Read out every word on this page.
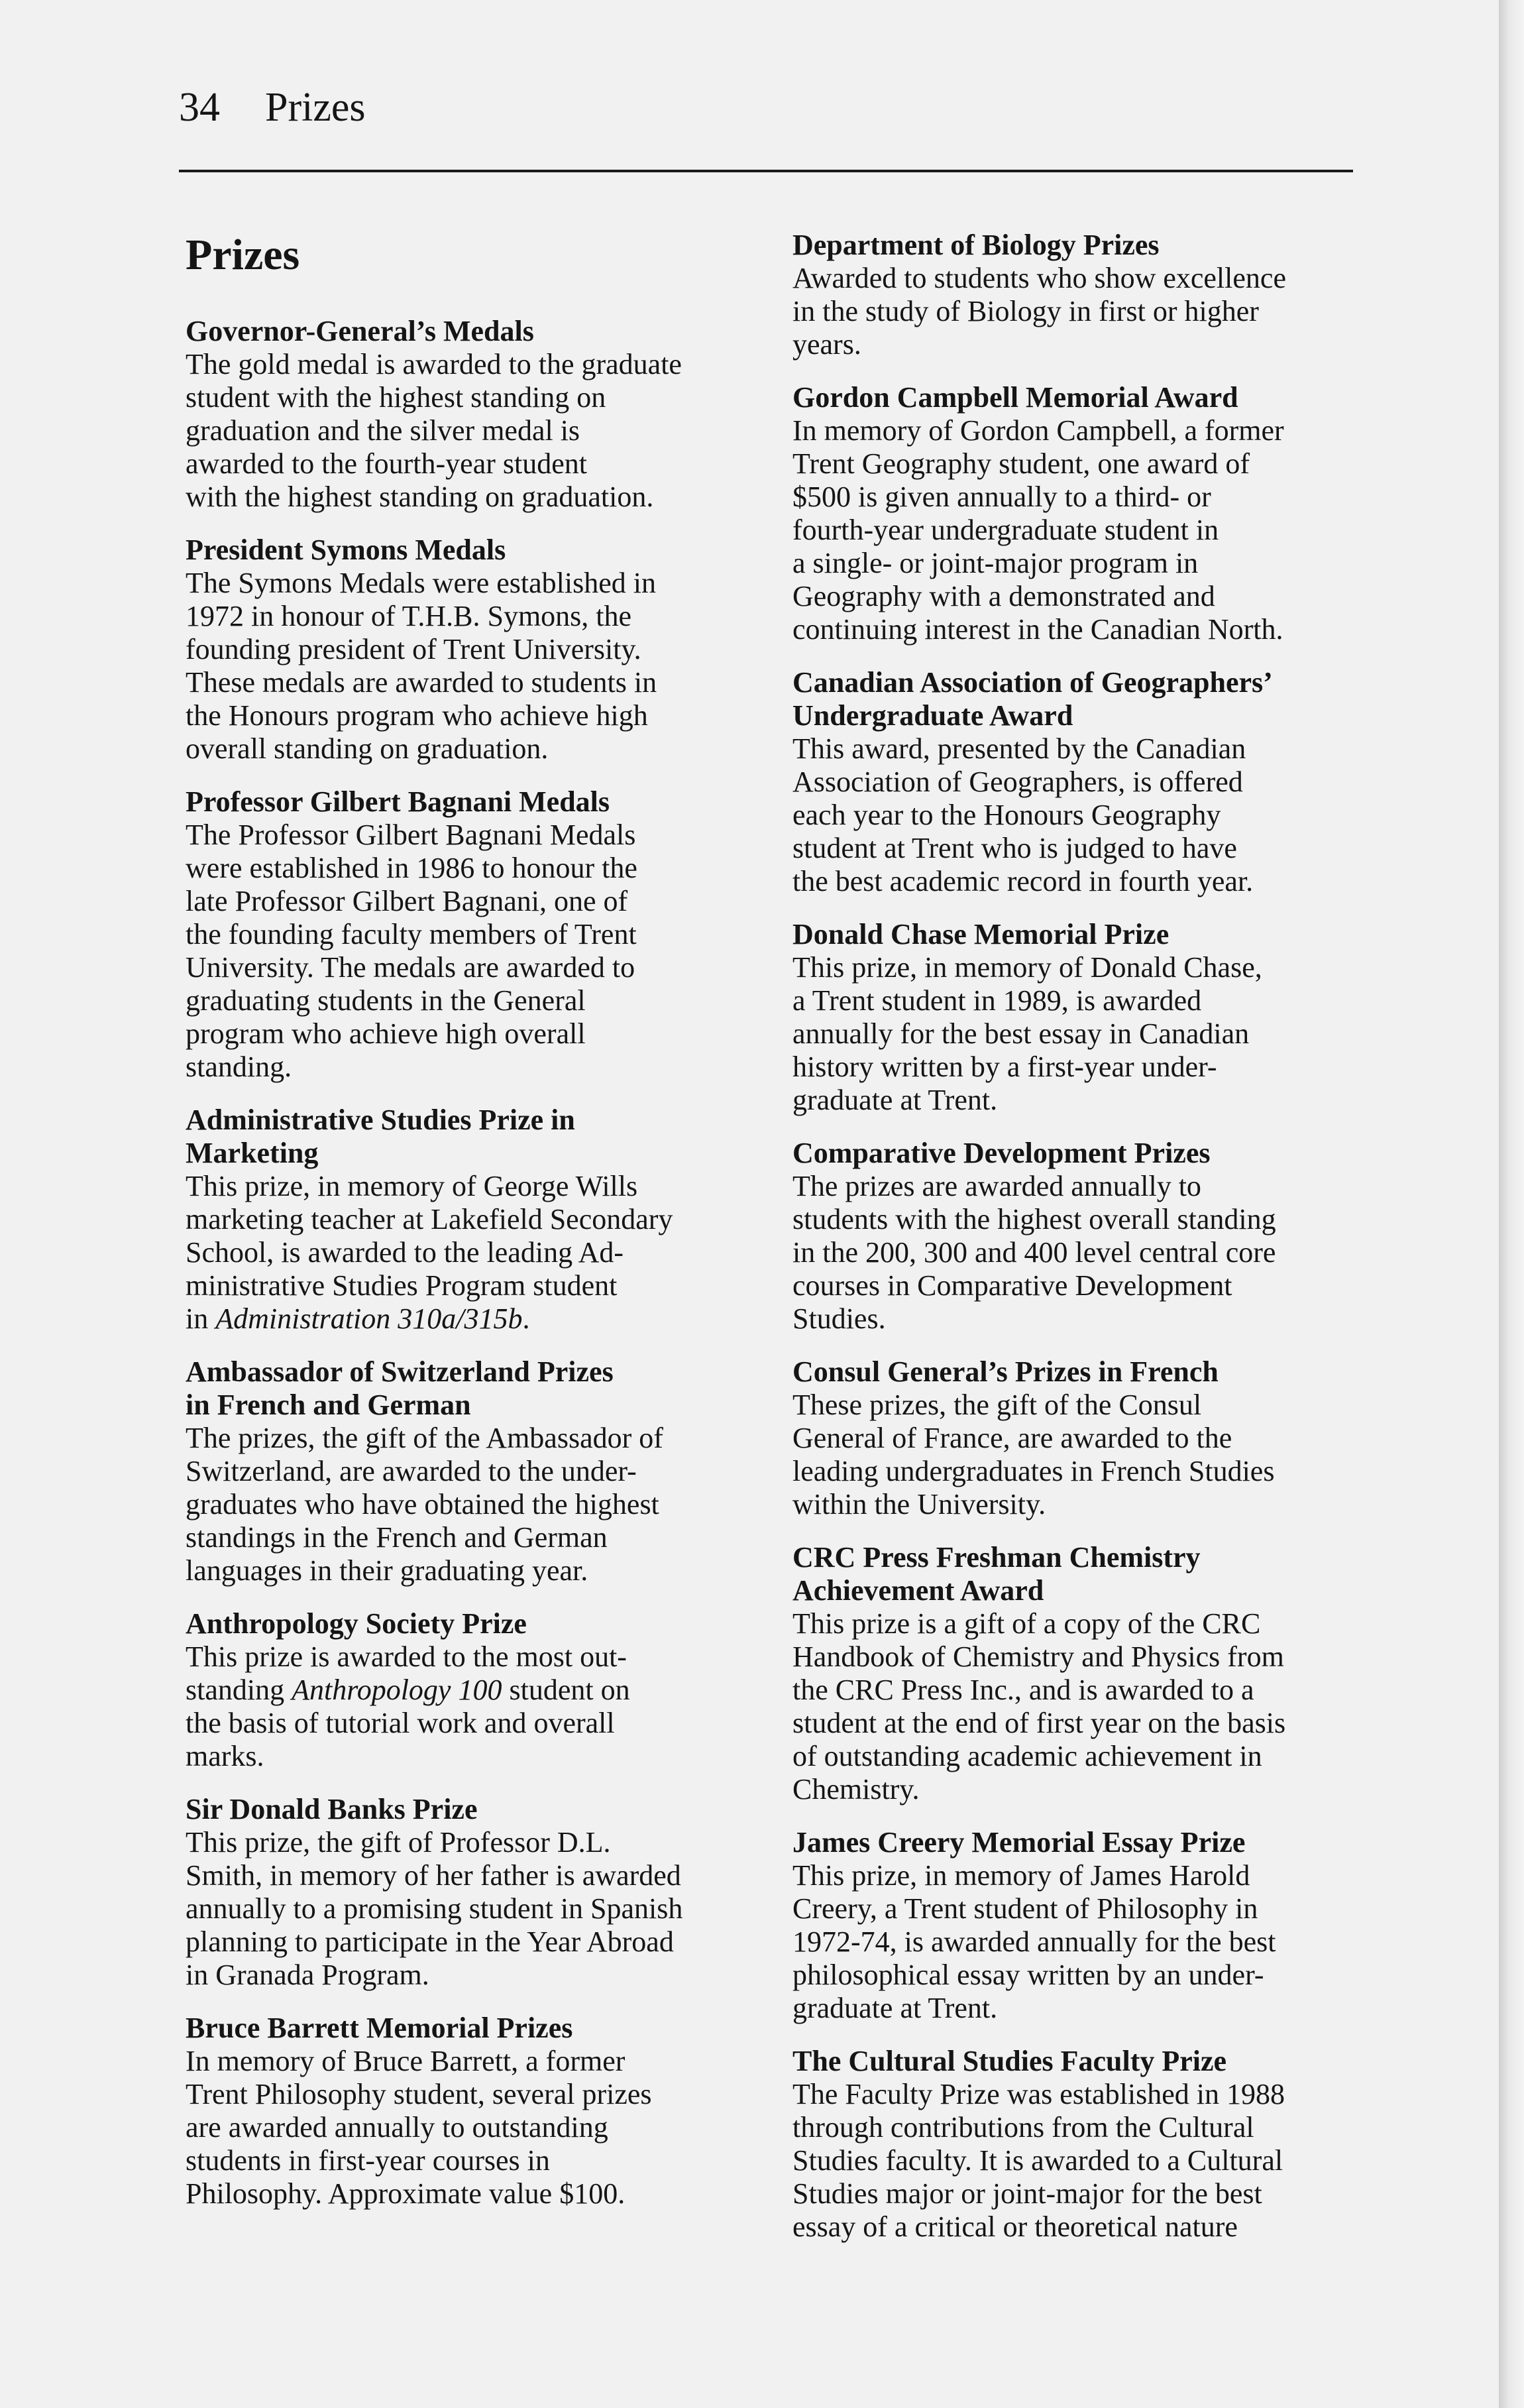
34 Prizes
Prizes
Governor-General’s Medals
The gold medal is awarded to the graduate
student with the highest standing on
graduation and the silver medal is
awarded to the fourth-year student
with the highest standing on graduation.
President Symons Medals
The Symons Medals were established in
1972 in honour of T.H.B. Symons, the
founding president of Trent University.
These medals are awarded to students in
the Honours program who achieve high
overall standing on graduation.
Professor Gilbert Bagnani Medals
The Professor Gilbert Bagnani Medals
were established in 1986 to honour the
late Professor Gilbert Bagnani, one of
the founding faculty members of Trent
University. The medals are awarded to
graduating students in the General
program who achieve high overall
standing.
Administrative Studies Prize in
Marketing
This prize, in memory of George Wills
marketing teacher at Lakefield Secondary
School, is awarded to the leading Ad-
ministrative Studies Program student
in Administration 310a/315b.
Ambassador of Switzerland Prizes
in French and German
The prizes, the gift of the Ambassador of
Switzerland, are awarded to the under-
graduates who have obtained the highest
standings in the French and German
languages in their graduating year.
Anthropology Society Prize
This prize is awarded to the most out-
standing Anthropology 100 student on
the basis of tutorial work and overall
marks.
Sir Donald Banks Prize
This prize, the gift of Professor D.L.
Smith, in memory of her father is awarded
annually to a promising student in Spanish
planning to participate in the Year Abroad
in Granada Program.
Bruce Barrett Memorial Prizes
In memory of Bruce Barrett, a former
Trent Philosophy student, several prizes
are awarded annually to outstanding
students in first-year courses in
Philosophy. Approximate value $100.
Department of Biology Prizes
Awarded to students who show excellence
in the study of Biology in first or higher
years.
Gordon Campbell Memorial Award
In memory of Gordon Campbell, a former
Trent Geography student, one award of
$500 is given annually to a third- or
fourth-year undergraduate student in
a single- or joint-major program in
Geography with a demonstrated and
continuing interest in the Canadian North.
Canadian Association of Geographers’
Undergraduate Award
This award, presented by the Canadian
Association of Geographers, is offered
each year to the Honours Geography
student at Trent who is judged to have
the best academic record in fourth year.
Donald Chase Memorial Prize
This prize, in memory of Donald Chase,
a Trent student in 1989, is awarded
annually for the best essay in Canadian
history written by a first-year under-
graduate at Trent.
Comparative Development Prizes
The prizes are awarded annually to
students with the highest overall standing
in the 200, 300 and 400 level central core
courses in Comparative Development
Studies.
Consul General’s Prizes in French
These prizes, the gift of the Consul
General of France, are awarded to the
leading undergraduates in French Studies
within the University.
CRC Press Freshman Chemistry
Achievement Award
This prize is a gift of a copy of the CRC
Handbook of Chemistry and Physics from
the CRC Press Inc., and is awarded to a
student at the end of first year on the basis
of outstanding academic achievement in
Chemistry.
James Creery Memorial Essay Prize
This prize, in memory of James Harold
Creery, a Trent student of Philosophy in
1972-74, is awarded annually for the best
philosophical essay written by an under-
graduate at Trent.
The Cultural Studies Faculty Prize
The Faculty Prize was established in 1988
through contributions from the Cultural
Studies faculty. It is awarded to a Cultural
Studies major or joint-major for the best
essay of a critical or theoretical nature
